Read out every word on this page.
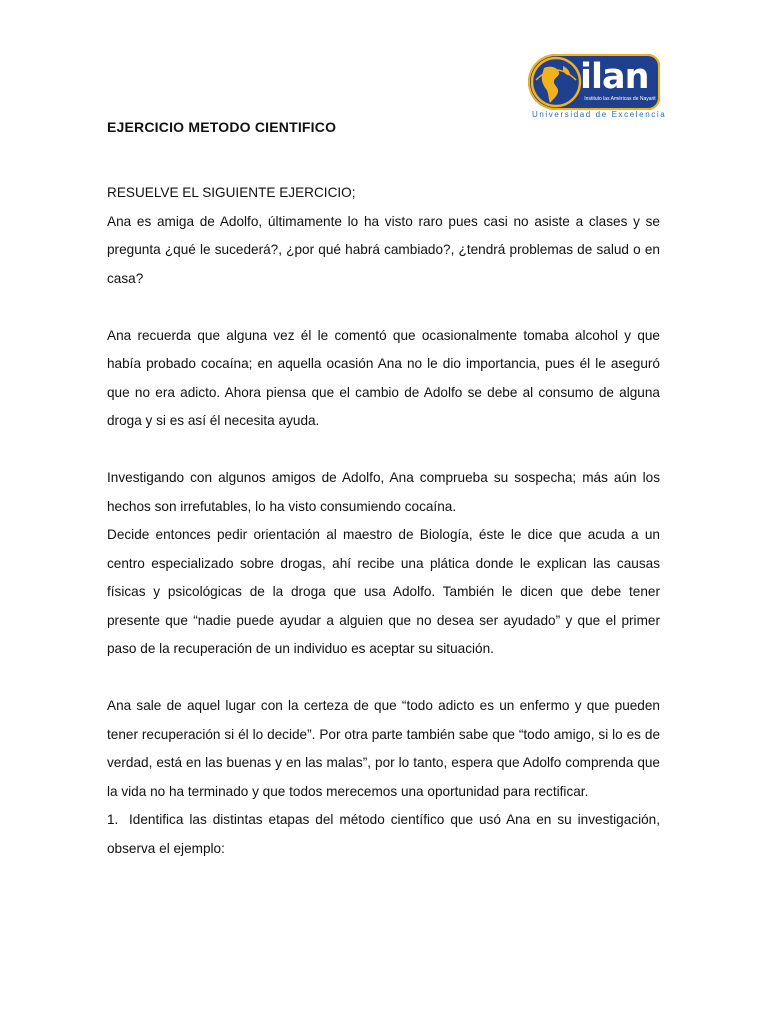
ilan
Instituto las Américas de Nayarit
Universidad de Excelencia
EJERCICIO METODO CIENTIFICO

RESUELVE EL SIGUIENTE EJERCICIO;

Ana es amiga de Adolfo, últimamente lo ha visto raro pues casi no asiste a clases y se pregunta ¿qué le sucederá?, ¿por qué habrá cambiado?, ¿tendrá problemas de salud o en casa?

Ana recuerda que alguna vez él le comentó que ocasionalmente tomaba alcohol y que había probado cocaína; en aquella ocasión Ana no le dio importancia, pues él le aseguró que no era adicto. Ahora piensa que el cambio de Adolfo se debe al consumo de alguna droga y si es así él necesita ayuda.

Investigando con algunos amigos de Adolfo, Ana comprueba su sospecha; más aún los hechos son irrefutables, lo ha visto consumiendo cocaína.

Decide entonces pedir orientación al maestro de Biología, éste le dice que acuda a un centro especializado sobre drogas, ahí recibe una plática donde le explican las causas físicas y psicológicas de la droga que usa Adolfo. También le dicen que debe tener presente que “nadie puede ayudar a alguien que no desea ser ayudado” y que el primer paso de la recuperación de un individuo es aceptar su situación.

Ana sale de aquel lugar con la certeza de que “todo adicto es un enfermo y que pueden tener recuperación si él lo decide”. Por otra parte también sabe que “todo amigo, si lo es de verdad, está en las buenas y en las malas”, por lo tanto, espera que Adolfo comprenda que la vida no ha terminado y que todos merecemos una oportunidad para rectificar.

1. Identifica las distintas etapas del método científico que usó Ana en su investigación, observa el ejemplo:
